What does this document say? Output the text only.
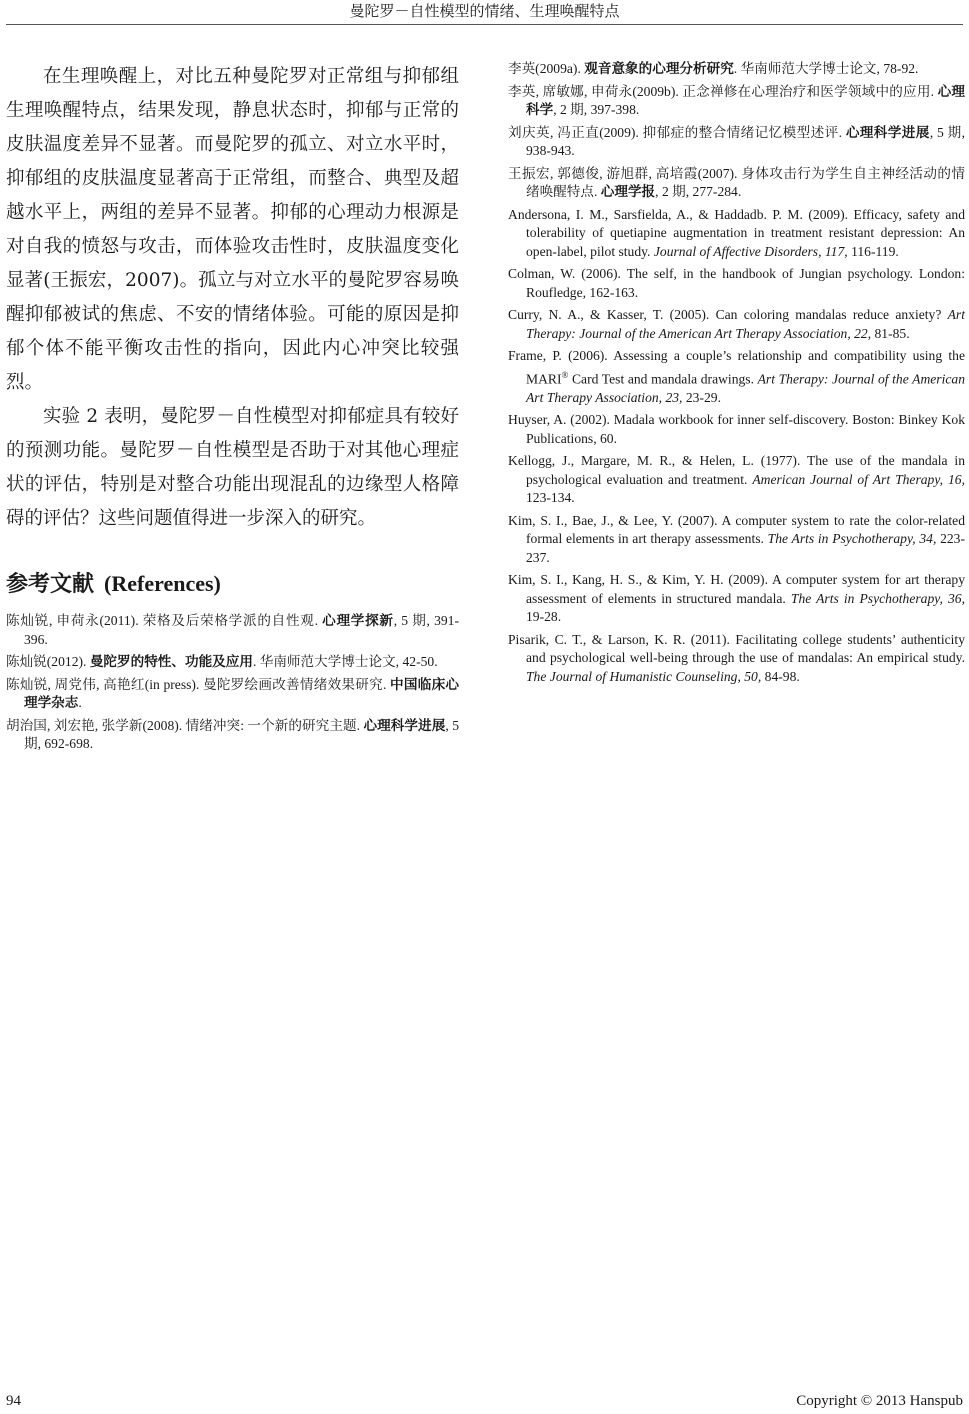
曼陀罗－自性模型的情绪、生理唤醒特点

在生理唤醒上，对比五种曼陀罗对正常组与抑郁组生理唤醒特点，结果发现，静息状态时，抑郁与正常的皮肤温度差异不显著。而曼陀罗的孤立、对立水平时，抑郁组的皮肤温度显著高于正常组，而整合、典型及超越水平上，两组的差异不显著。抑郁的心理动力根源是对自我的愤怒与攻击，而体验攻击性时，皮肤温度变化显著(王振宏，2007)。孤立与对立水平的曼陀罗容易唤醒抑郁被试的焦虑、不安的情绪体验。可能的原因是抑郁个体不能平衡攻击性的指向，因此内心冲突比较强烈。

实验 2 表明，曼陀罗－自性模型对抑郁症具有较好的预测功能。曼陀罗－自性模型是否助于对其他心理症状的评估，特别是对整合功能出现混乱的边缘型人格障碍的评估？这些问题值得进一步深入的研究。

参考文献 (References)

陈灿锐, 申荷永(2011). 荣格及后荣格学派的自性观. 心理学探新, 5 期, 391-396.

陈灿锐(2012). 曼陀罗的特性、功能及应用. 华南师范大学博士论文, 42-50.

陈灿锐, 周党伟, 高艳红(in press). 曼陀罗绘画改善情绪效果研究. 中国临床心理学杂志.

胡治国, 刘宏艳, 张学新(2008). 情绪冲突: 一个新的研究主题. 心理科学进展, 5 期, 692-698.

李英(2009a). 观音意象的心理分析研究. 华南师范大学博士论文, 78-92.

李英, 席敏娜, 申荷永(2009b). 正念禅修在心理治疗和医学领域中的应用. 心理科学, 2 期, 397-398.

刘庆英, 冯正直(2009). 抑郁症的整合情绪记忆模型述评. 心理科学进展, 5 期, 938-943.

王振宏, 郭德俊, 游旭群, 高培霞(2007). 身体攻击行为学生自主神经活动的情绪唤醒特点. 心理学报, 2 期, 277-284.

Andersona, I. M., Sarsfielda, A., & Haddadb. P. M. (2009). Efficacy, safety and tolerability of quetiapine augmentation in treatment resistant depression: An open-label, pilot study. Journal of Affective Disorders, 117, 116-119.

Colman, W. (2006). The self, in the handbook of Jungian psychology. London: Roufledge, 162-163.

Curry, N. A., & Kasser, T. (2005). Can coloring mandalas reduce anxiety? Art Therapy: Journal of the American Art Therapy Association, 22, 81-85.

Frame, P. (2006). Assessing a couple’s relationship and compatibility using the MARI® Card Test and mandala drawings. Art Therapy: Journal of the American Art Therapy Association, 23, 23-29.

Huyser, A. (2002). Madala workbook for inner self-discovery. Boston: Binkey Kok Publications, 60.

Kellogg, J., Margare, M. R., & Helen, L. (1977). The use of the mandala in psychological evaluation and treatment. American Journal of Art Therapy, 16, 123-134.

Kim, S. I., Bae, J., & Lee, Y. (2007). A computer system to rate the color-related formal elements in art therapy assessments. The Arts in Psychotherapy, 34, 223-237.

Kim, S. I., Kang, H. S., & Kim, Y. H. (2009). A computer system for art therapy assessment of elements in structured mandala. The Arts in Psychotherapy, 36, 19-28.

Pisarik, C. T., & Larson, K. R. (2011). Facilitating college students’ authenticity and psychological well-being through the use of mandalas: An empirical study. The Journal of Humanistic Counseling, 50, 84-98.

94	Copyright © 2013 Hanspub
